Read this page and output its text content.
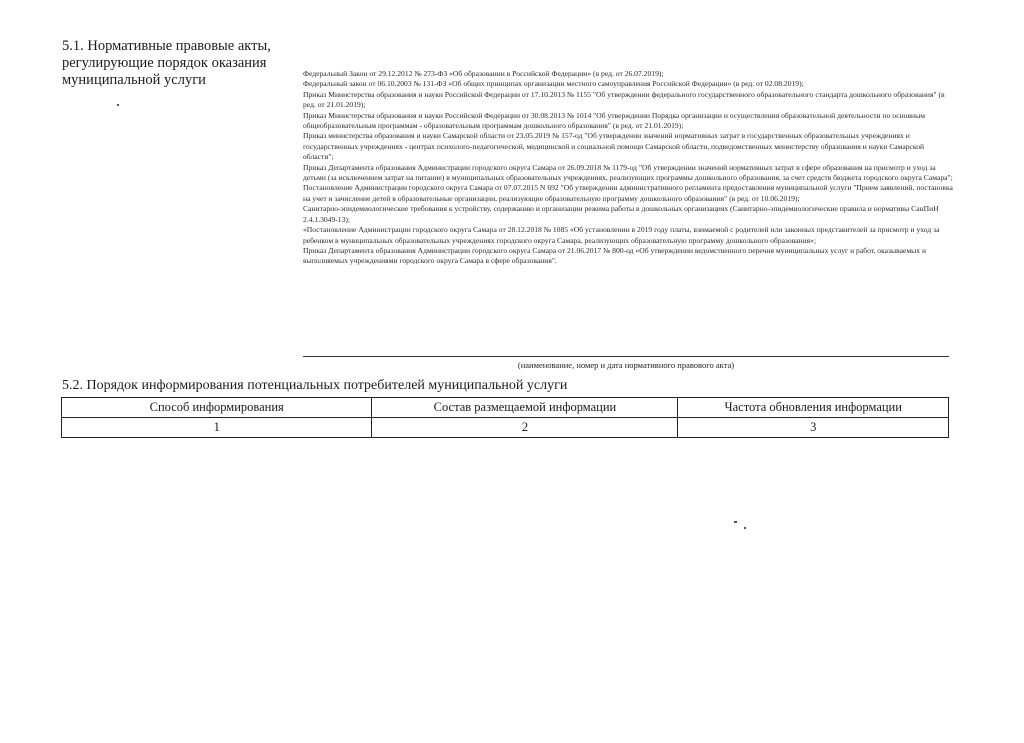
5.1. Нормативные правовые акты,
регулирующие порядок оказания
муниципальной услуги	Федеральный Закон от 29.12.2012 № 273-ФЗ «Об образовании в Российской Федерации» (в ред. от 26.07.2019);

Федеральный закон от 06.10.2003 № 131-ФЗ «Об общих принципах организации местного самоуправления Российской Федерации» (в ред. от 02.08.2019);

Приказ Министерства образования и науки Российской Федерации от 17.10.2013 № 1155 "Об утверждении федерального государственного образовательного стандарта дошкольного образования" (в ред. от 21.01.2019);

Приказ Министерства образования и науки Российской Федерации от 30.08.2013 № 1014 "Об утверждении Порядка организации и осуществления образовательной деятельности по основным общеобразовательным программам - образовательным программам дошкольного образования" (в ред. от 21.01.2019);

Приказ министерства образования и науки Самарской области от 23.05.2019 № 157-од "Об утверждении значений нормативных затрат в государственных образовательных учреждениях и государственных учреждениях - центрах психолого-педагогической, медицинской и социальной помощи Самарской области, подведомственных министерству образования и науки Самарской области";

Приказ Департамента образования Администрации городского округа Самара от 26.09.2018 № 1179-од "Об утверждении значений нормативных затрат в сфере образования на присмотр и уход за детьми (за исключением затрат на питание) в муниципальных образовательных учреждениях, реализующих программы дошкольного образования, за счет средств бюджета городского округа Самара";

Постановление Администрации городского округа Самара от 07.07.2015 N 692 "Об утверждении административного регламента предоставления муниципальной услуги "Прием заявлений, постановка на учет и зачисление детей в образовательные организации, реализующие образовательную программу дошкольного образования" (в ред. от 10.06.2019);

Санитарно-эпидемиологические требования к устройству, содержанию и организации режима работы в дошкольных организациях (Санитарно-эпидемиологические правила и нормативы СанПиН 2.4.1.3049-13);

«Постановление Администрации городского округа Самара от 28.12.2018 № 1085 «Об установлении в 2019 году платы, взимаемой с родителей или законных представителей за присмотр и уход за ребенком в муниципальных образовательных учреждениях городского округа Самара, реализующих образовательную программу дошкольного образования»;

Приказ Департамента образования Администрации городского округа Самара от 21.06.2017 № 800-од «Об утверждении ведомственного перечня муниципальных услуг и работ, оказываемых и выполняемых учреждениями городского округа Самара в сфере образования".

(наименование, номер и дата нормативного правового акта)
5.2. Порядок информирования потенциальных потребителей муниципальной услуги
Способ информирования	Состав размещаемой информации	Частота обновления информации
1	2	3
